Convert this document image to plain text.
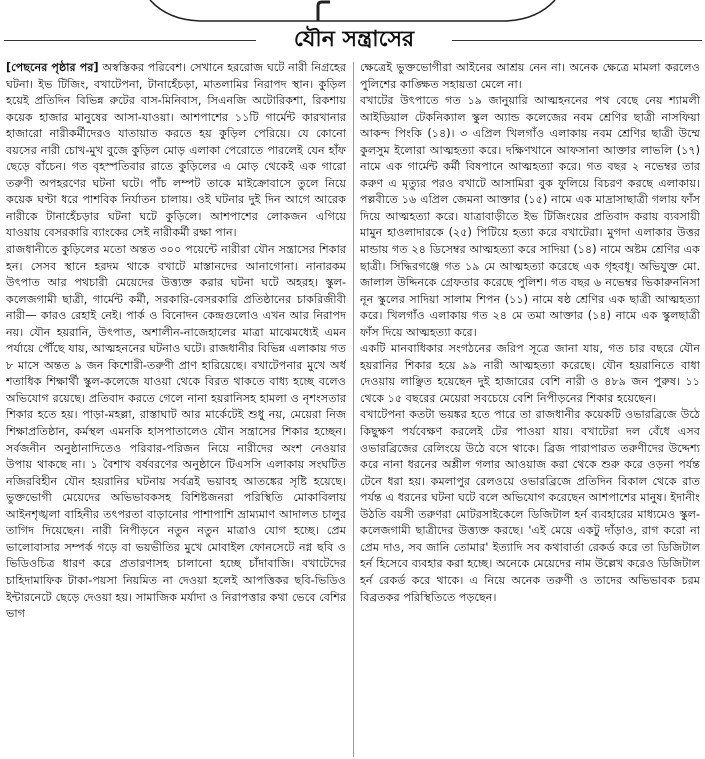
যৌন সন্ত্রাসের

[পেছনের পৃষ্ঠার পর] অস্বস্তিকর পরিবেশ। সেখানে হররোজ ঘটে নারী নিগ্রহের ঘটনা। ইভ টিজিং, বখাটেপনা, টানাহেঁচড়া, মাতলামির নিরাপদ স্থান। কুড়িল হয়েই প্রতিদিন বিভিন্ন রুটের বাস-মিনিবাস, সিএনজি অটোরিকশা, রিকশায় কয়েক হাজার মানুষের আসা-যাওয়া। আশপাশের ১১টি গার্মেন্ট কারখানার হাজারো নারীকর্মীদেরও যাতায়াত করতে হয় কুড়িল পেরিয়ে। যে কোনো বয়সের নারী চোখ-মুখ বুজে কুড়িল মোড় এলাকা পেরোতে পারলেই যেন হাঁফ ছেড়ে বাঁচেন। গত বৃহস্পতিবার রাতে কুড়িলের এ মোড় থেকেই এক গারো তরুণী অপহরণের ঘটনা ঘটে। পাঁচ লম্পট তাকে মাইক্রোবাসে তুলে নিয়ে কয়েক ঘণ্টা ধরে পাশবিক নির্যাতন চালায়। ওই ঘটনার দুই দিন আগে আরেক নারীকে টানাহেঁচড়ার ঘটনা ঘটে কুড়িলে। আশপাশের লোকজন এগিয়ে যাওয়ায় বেসরকারি ব্যাংকের সেই নারীকর্মী রক্ষা পান।

রাজধানীতে কুড়িলের মতো অন্তত ৩০০ পয়েন্টে নারীরা যৌন সন্ত্রাসের শিকার হন। সেসব স্থানে হরদম থাকে বখাটে মাস্তানদের আনাগোনা। নানারকম উৎপাত আর পথচারী মেয়েদের উত্ত্যক্ত করার ঘটনা ঘটে অহরহ। স্কুল-কলেজগামী ছাত্রী, গার্মেন্ট কর্মী, সরকারি-বেসরকারি প্রতিষ্ঠানের চাকরিজীবী নারী— কারও রেহাই নেই। পার্ক ও বিনোদন কেন্দ্রগুলোও এখন আর নিরাপদ নয়। যৌন হয়রানি, উৎপাত, অশালীন-নাজেহালের মাত্রা মাঝেমধ্যেই এমন পর্যায়ে পৌঁছে যায়, আত্মহননের ঘটনাও ঘটে। রাজধানীর বিভিন্ন এলাকায় গত ৮ মাসে অন্তত ৯ জন কিশোরী-তরুণী প্রাণ হারিয়েছে। বখাটেপনার মুখে অর্ধ শতাধিক শিক্ষার্থী স্কুল-কলেজে যাওয়া থেকে বিরত থাকতে বাধ্য হচ্ছে বলেও অভিযোগ রয়েছে। প্রতিবাদ করতে গেলে নানা হয়রানিসহ হামলা ও নৃশংসতার শিকার হতে হয়। পাড়া-মহল্লা, রাস্তাঘাট আর মার্কেটেই শুধু নয়, মেয়েরা নিজ শিক্ষাপ্রতিষ্ঠান, কর্মস্থল এমনকি হাসপাতালেও যৌন সন্ত্রাসের শিকার হচ্ছেন। সর্বজনীন অনুষ্ঠানাদিতেও পরিবার-পরিজন নিয়ে নারীদের অংশ নেওয়ার উপায় থাকছে না। ১ বৈশাখ বর্ষবরণের অনুষ্ঠানে টিএসসি এলাকায় সংঘটিত নজিরবিহীন যৌন হয়রানির ঘটনায় সর্বত্রই ভয়াবহ আতঙ্কের সৃষ্টি হয়েছে। ভুক্তভোগী মেয়েদের অভিভাবকসহ বিশিষ্টজনরা পরিস্থিতি মোকাবিলায় আইনশৃঙ্খলা বাহিনীর তৎপরতা বাড়ানোর পাশাপাশি ভ্রাম্যমাণ আদালত চালুর তাগিদ দিয়েছেন। নারী নিপীড়নে নতুন নতুন মাত্রাও যোগ হচ্ছে। প্রেম ভালোবাসার সম্পর্ক গড়ে বা ভয়ভীতির মুখে মোবাইল ফোনসেটে নগ্ন ছবি ও ভিডিওচিত্র ধারণ করে প্রতারণাসহ চালানো হচ্ছে চাঁদাবাজি। বখাটেদের চাহিদামাফিক টাকা-পয়সা নিয়মিত না দেওয়া হলেই আপত্তিকর ছবি-ভিডিও ইন্টারনেটে ছেড়ে দেওয়া হয়। সামাজিক মর্যাদা ও নিরাপত্তার কথা ভেবে বেশির ভাগ

ক্ষেত্রেই ভুক্তভোগীরা আইনের আশ্রয় নেন না। অনেক ক্ষেত্রে মামলা করলেও পুলিশের কাঙ্ক্ষিত সহায়তা মেলে না।

বখাটের উৎপাতে গত ১৯ জানুয়ারি আত্মহননের পথ বেছে নেয় শ্যামলী আইডিয়াল টেকনিক্যাল স্কুল অ্যান্ড কলেজের নবম শ্রেণির ছাত্রী নাসফিয়া আকন্দ পিংকি (১৪)। ৩ এপ্রিল খিলগাঁও এলাকায় নবম শ্রেণির ছাত্রী উম্মে কুলসুম ইলোরা আত্মহত্যা করে। দক্ষিণখানে আফসানা আক্তার লাভলি (১৭) নামে এক গার্মেন্ট কর্মী বিষপানে আত্মহত্যা করে। গত বছর ২ নভেম্বর তার করুণ এ মৃত্যুর পরও বখাটে আসামিরা বুক ফুলিয়ে বিচরণ করছে এলাকায়। পল্লবীতে ১৬ এপ্রিল জেমনা আক্তার (১৫) নামে এক মাদ্রাসাছাত্রী গলায় ফাঁস দিয়ে আত্মহত্যা করে। যাত্রাবাড়ীতে ইভ টিজিংয়ের প্রতিবাদ করায় ব্যবসায়ী মামুন হাওলাদারকে (২৫) পিটিয়ে হত্যা করে বখাটেরা। মুগদা এলাকার উত্তর মান্ডায় গত ২৪ ডিসেম্বর আত্মহত্যা করে সাদিয়া (১৪) নামে অষ্টম শ্রেণির এক ছাত্রী। সিদ্ধিরগঞ্জে গত ১৯ মে আত্মহত্যা করেছে এক গৃহবধূ। অভিযুক্ত মো. জালাল উদ্দিনকে গ্রেফতার করেছে পুলিশ। গত বছর ৬ নভেম্বর ভিকারুননিসা নূন স্কুলের সাদিয়া সালাম শিপন (১১) নামে ষষ্ঠ শ্রেণির এক ছাত্রী আত্মহত্যা করে। খিলগাঁও এলাকায় গত ২৪ মে তমা আক্তার (১৪) নামে এক স্কুলছাত্রী ফাঁস দিয়ে আত্মহত্যা করে।

একটি মানবাধিকার সংগঠনের জরিপ সূত্রে জানা যায়, গত চার বছরে যৌন হয়রানির শিকার হয়ে ৯৯ নারী আত্মহত্যা করেছে। যৌন হয়রানিতে বাধা দেওয়ায় লাঞ্ছিত হয়েছেন দুই হাজারের বেশি নারী ও ৪৮৯ জন পুরুষ। ১১ থেকে ১৫ বছরের মেয়েরা সবচেয়ে বেশি নিপীড়নের শিকার হয়েছেন।

বখাটেপনা কতটা ভয়ঙ্কর হতে পারে তা রাজধানীর কয়েকটি ওভারব্রিজে উঠে কিছুক্ষণ পর্যবেক্ষণ করলেই টের পাওয়া যায়। বখাটেরা দল বেঁধে এসব ওভারব্রিজের রেলিংয়ে উঠে বসে থাকে। ব্রিজ পারাপারত তরুণীদের উদ্দেশ্য করে নানা ধরনের অশ্লীল গলার আওয়াজ করা থেকে শুরু করে ওড়না পর্যন্ত টেনে ধরা হয়। কমলাপুর রেলওয়ে ওভারব্রিজে প্রতিদিন বিকাল থেকে রাত পর্যন্ত এ ধরনের ঘটনা ঘটে বলে অভিযোগ করেছেন আশপাশের মানুষ। ইদানীং উঠতি বয়সী তরুণরা মোটরসাইকেলে ডিজিটাল হর্ন ব্যবহারের মাধ্যমেও স্কুল-কলেজগামী ছাত্রীদের উত্ত্যক্ত করছে। 'এই মেয়ে একটু দাঁড়াও, রাগ করো না প্রেম দাও, সব জানি তোমার' ইত্যাদি সব কথাবার্তা রেকর্ড করে তা ডিজিটাল হর্ন হিসেবে ব্যবহার করা হচ্ছে। অনেকে মেয়েদের নাম উল্লেখ করেও ডিজিটাল হর্ন রেকর্ড করে থাকে। এ নিয়ে অনেক তরুণী ও তাদের অভিভাবক চরম বিব্রতকর পরিস্থিতিতে পড়ছেন।
